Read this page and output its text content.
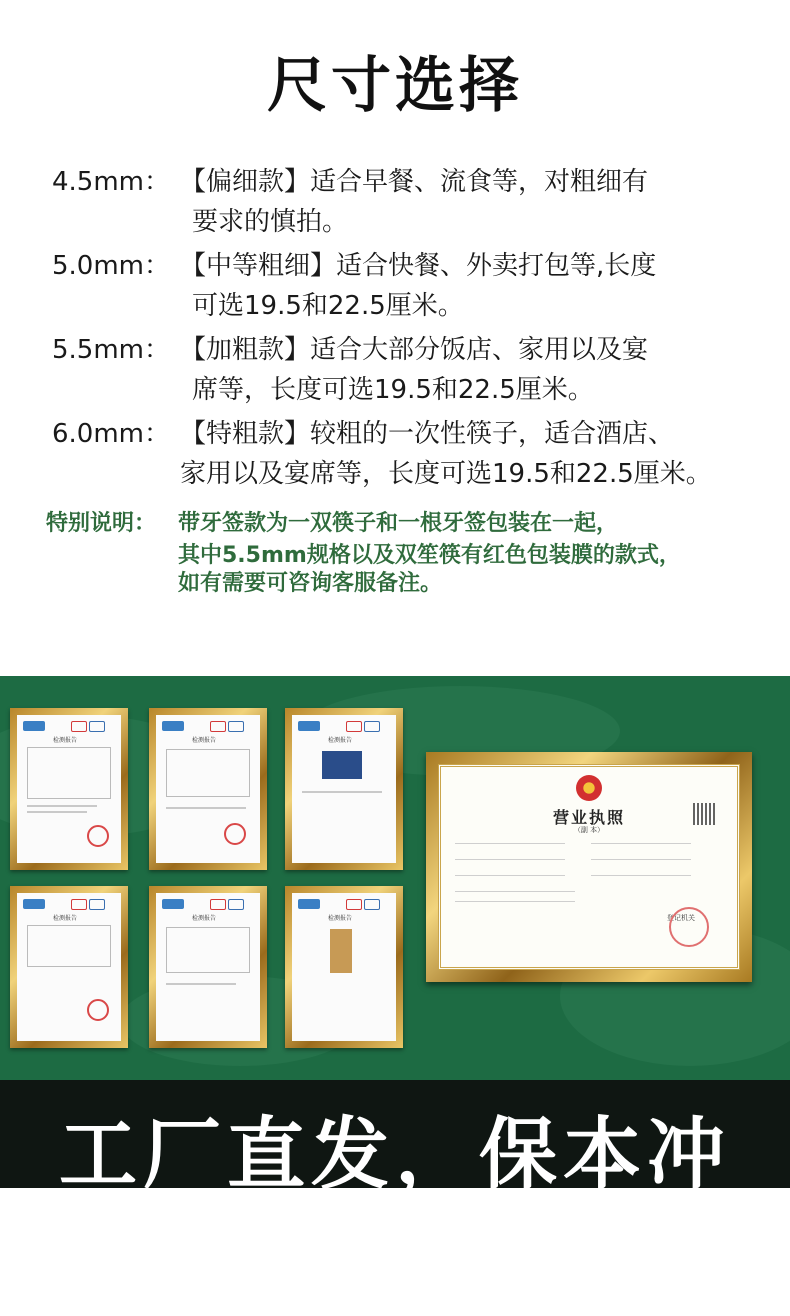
尺寸选择
4.5mm： 【偏细款】适合早餐、流食等，对粗细有
要求的慎拍。
5.0mm： 【中等粗细】适合快餐、外卖打包等,长度
可选19.5和22.5厘米。
5.5mm： 【加粗款】适合大部分饭店、家用以及宴
席等，长度可选19.5和22.5厘米。
6.0mm： 【特粗款】较粗的一次性筷子，适合酒店、
家用以及宴席等，长度可选19.5和22.5厘米。
特别说明： 带牙签款为一双筷子和一根牙签包装在一起，
其中5.5mm规格以及双笙筷有红色包装膜的款式，
如有需要可咨询客服备注。
检测报告	检测报告	检测报告
检测报告	检测报告	检测报告
营业执照
（副 本）
登记机关
工厂直发，保本冲量！
